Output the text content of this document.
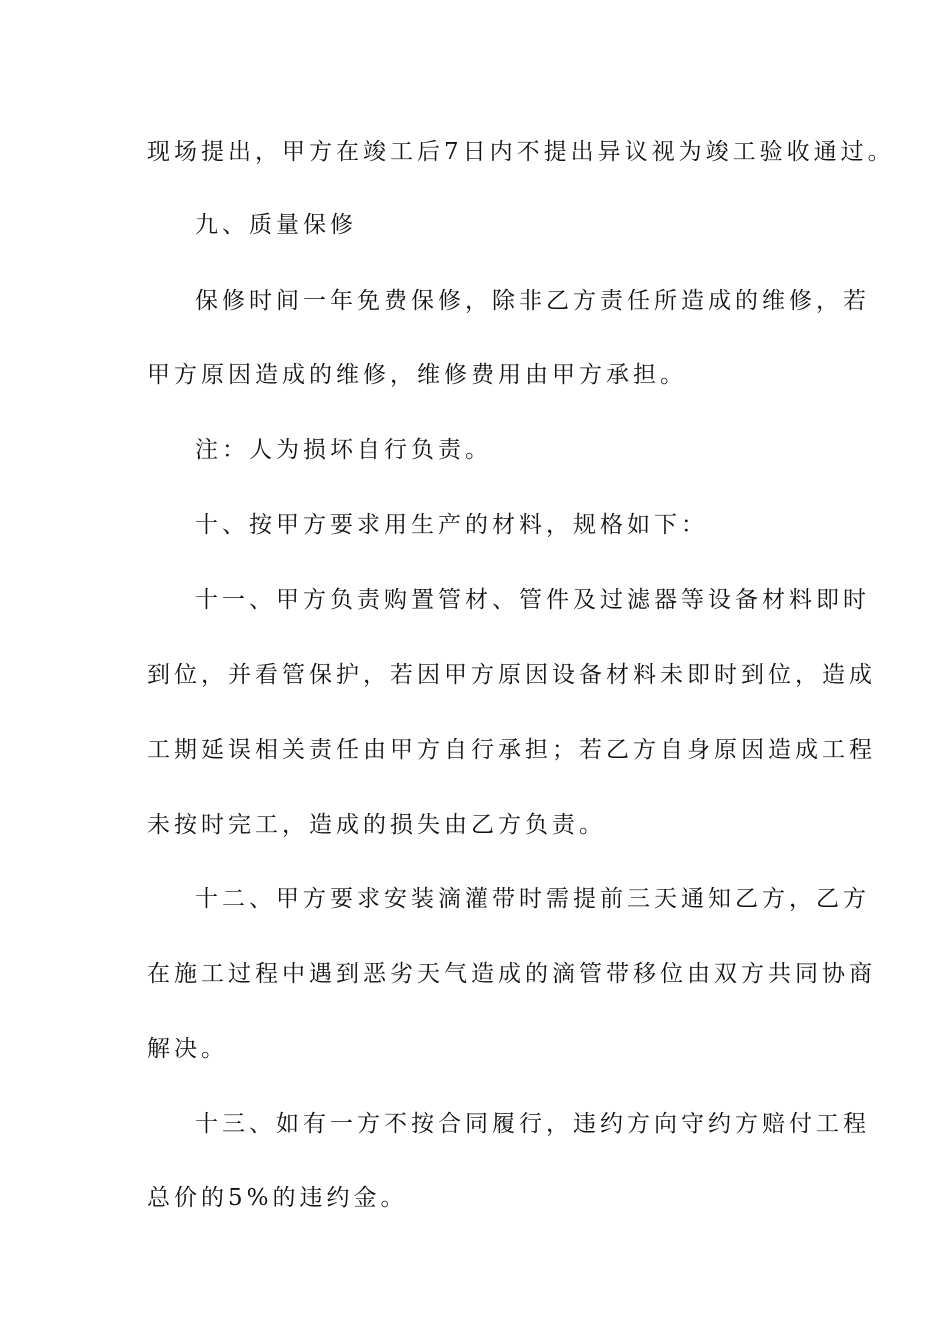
现场提出，甲方在竣工后7日内不提出异议视为竣工验收通过。
九、质量保修
保修时间一年免费保修，除非乙方责任所造成的维修，若
甲方原因造成的维修，维修费用由甲方承担。
注：人为损坏自行负责。
十、按甲方要求用生产的材料，规格如下：
十一、甲方负责购置管材、管件及过滤器等设备材料即时
到位，并看管保护，若因甲方原因设备材料未即时到位，造成
工期延误相关责任由甲方自行承担；若乙方自身原因造成工程
未按时完工，造成的损失由乙方负责。
十二、甲方要求安装滴灌带时需提前三天通知乙方，乙方
在施工过程中遇到恶劣天气造成的滴管带移位由双方共同协商
解决。
十三、如有一方不按合同履行，违约方向守约方赔付工程
总价的5%的违约金。
